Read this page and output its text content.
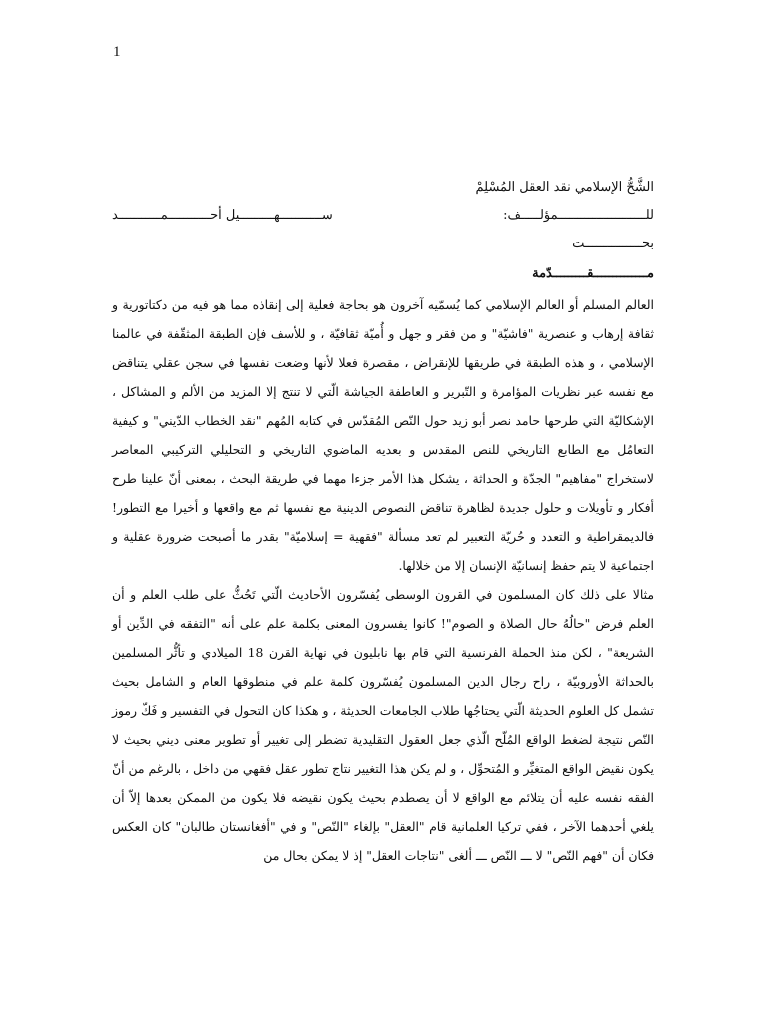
1
الشَّحُّ الإسلامي نقد العقل المُسْلِمْ
للـــــــــــــــــــــــمؤلـــــف:
ســـــــــــهـــــــــيل أحـــــــــــمـــــــــــد
بحـــــــــــــــت
مــــــــــــــقـــــــــدّمة

العالم المسلم أو العالم الإسلامي كما يُسمّيه آخرون هو بحاجة فعلية إلى إنقاذه مما هو فيه من دكتاتورية و ثقافة إرهاب و عنصرية "فاشيّة" و من فقر و جهل و أُميّة ثقافيّة ، و للأسف فإن الطبقة المثقّفة في عالمنا الإسلامي ، و هذه الطبقة في طريقها للإنقراض ، مقصرة فعلا لأنها وضعت نفسها في سجن عقلي يتناقض مع نفسه عبر نظريات المؤامرة و التّبرير و العاطفة الجياشة الّتي لا تنتج إلا المزيد من الألم و المشاكل ، الإشكاليّة التي طرحها حامد نصر أبو زيد حول النّص المُقدّس في كتابه المُهم "نقد الخطاب الدّيني" و كيفية التعامُل مع الطابع التاريخي للنص المقدس و بعديه الماضوي التاريخي و التحليلي التركيبي المعاصر لاستخراج "مفاهيم" الجدّة و الحداثة ، يشكل هذا الأمر جزءا مهما في طريقة البحث ، بمعنى أنّ علينا طرح أفكار و تأويلات و حلول جديدة لظاهرة تناقض النصوص الدينية مع نفسها ثم مع واقعها و أخيرا مع التطور! فالديمقراطية و التعدد و حُريّة التعبير لم تعد مسألة "فقهية = إسلاميّة" بقدر ما أصبحت ضرورة عقلية و اجتماعية لا يتم حفظ إنسانيّة الإنسان إلا من خلالها.

مثالا على ذلك كان المسلمون في القرون الوسطى يُفسّرون الأحاديث الّتي تَحُثُّ على طلب العلم و أن العلم فرض "حالُهُ حال الصلاة و الصوم"! كانوا يفسرون المعنى بكلمة علم على أنه "التفقه في الدِّين أو الشريعة" ، لكن منذ الحملة الفرنسية التي قام بها نابليون في نهاية القرن 18 الميلادي و تأثُّر المسلمين بالحداثة الأوروبيّة ، راح رجال الدين المسلمون يُفسّرون كلمة علم في منطوقها العام و الشامل بحيث تشمل كل العلوم الحديثة الّتي يحتاجُها طلاب الجامعات الحديثة ، و هكذا كان التحول في التفسير و فَكّ رموز النّص نتيجة لضغط الواقع المُلّح الّذي جعل العقول التقليدية تضطر إلى تغيير أو تطوير معنى ديني بحيث لا يكون نقيض الواقع المتغيِّر و المُتحوِّل ، و لم يكن هذا التغيير نتاج تطور عقل فقهي من داخل ، بالرغم من أنّ الفقه نفسه عليه أن يتلائم مع الواقع لا أن يصطدم بحيث يكون نقيضه فلا يكون من الممكن بعدها إلاّ أن يلغي أحدهما الآخر ، ففي تركيا العلمانية قام "العقل" بإلغاء "النّص" و في "أفغانستان طالبان" كان العكس فكان أن "فهم النّص" لا ـــ النّص ـــ ألغى "نتاجات العقل" إذ لا يمكن بحال من
